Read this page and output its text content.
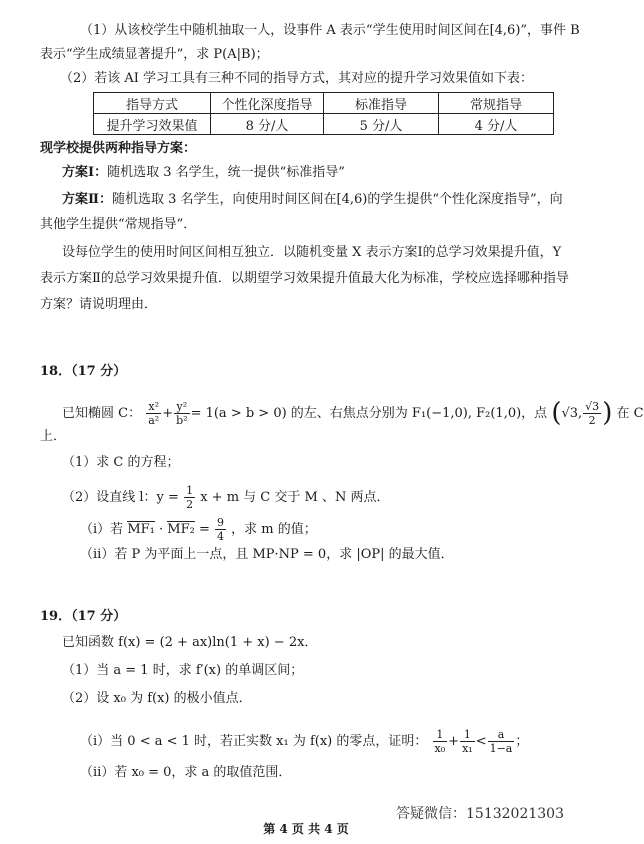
（1）从该校学生中随机抽取一人，设事件 A 表示“学生使用时间区间在[4,6)”，事件 B
表示“学生成绩显著提升”，求 P(A|B)；
（2）若该 AI 学习工具有三种不同的指导方式，其对应的提升学习效果值如下表：
指导方式	个性化深度指导	标准指导	常规指导
提升学习效果值	8 分/人	5 分/人	4 分/人
现学校提供两种指导方案：
方案Ⅰ：随机选取 3 名学生，统一提供“标准指导”
方案Ⅱ：随机选取 3 名学生，向使用时间区间在[4,6)的学生提供“个性化深度指导”，向
其他学生提供“常规指导”．
设每位学生的使用时间区间相互独立．以随机变量 X 表示方案Ⅰ的总学习效果提升值，Y
表示方案Ⅱ的总学习效果提升值．以期望学习效果提升值最大化为标准，学校应选择哪种指导
方案？请说明理由．
18．（17 分）
已知椭圆 C： $\frac{\text{x²}}{\text{a²}} + \frac{\text{y²}}{\text{b²}} = 1(a > b > 0)$ 的左、右焦点分别为 F₁(−1,0), F₂(1,0)，点 (√3, $\frac{√3}{2}$ ) 在 C
上．
（1）求 C 的方程；
（2）设直线 l：$y = \frac{1}{2}$ x + m 与 C 交于 M 、N 两点．
（i）若 $MF_1 \cdot MF_2 = \frac{9}{4}$ ，求 m 的值；
（ii）若 P 为平面上一点，且 MP·NP = 0，求 |OP| 的最大值．
19．（17 分）
已知函数 f(x) = (2 + ax)ln(1 + x) − 2x．
（1）当 a = 1 时，求 f′(x) 的单调区间；
（2）设 x₀ 为 f(x) 的极小值点．
（i）当 0 < a < 1 时，若正实数 x₁ 为 f(x) 的零点，证明： $\frac{1}{\text{x₀}} + \frac{1}{\text{x₁}} < \frac{a}{1-a}$ ；
（ii）若 x₀ = 0，求 a 的取值范围．
答疑微信：15132021303
第 4 页 共 4 页
